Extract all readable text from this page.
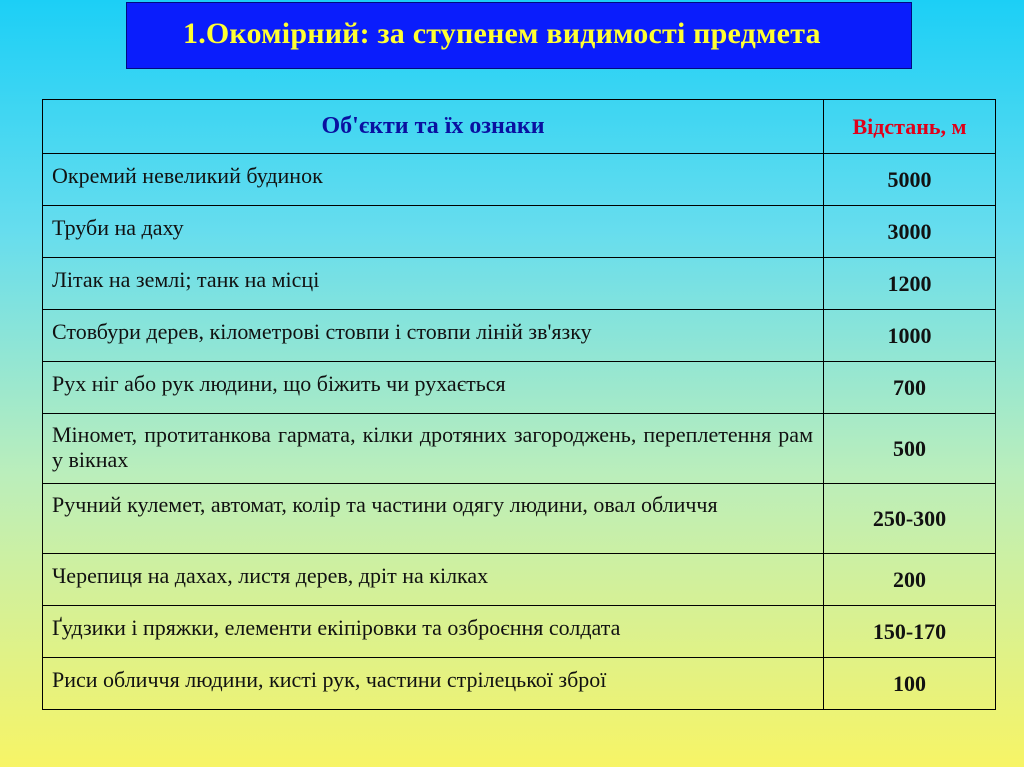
1.Окомірний: за ступенем видимості предмета
Об'єкти та їх ознаки	Відстань, м
Окремий невеликий будинок	5000
Труби на даху	3000
Літак на землі; танк на місці	1200
Стовбури дерев, кілометрові стовпи і стовпи ліній зв'язку	1000
Рух ніг або рук людини, що біжить чи рухається	700
Міномет, протитанкова гармата, кілки дротяних загороджень, переплетення рам у вікнах	500
Ручний кулемет, автомат, колір та частини одягу людини, овал обличчя	250-300
Черепиця на дахах, листя дерев, дріт на кілках	200
Ґудзики і пряжки, елементи екіпіровки та озброєння солдата	150-170
Риси обличчя людини, кисті рук, частини стрілецької зброї	100
